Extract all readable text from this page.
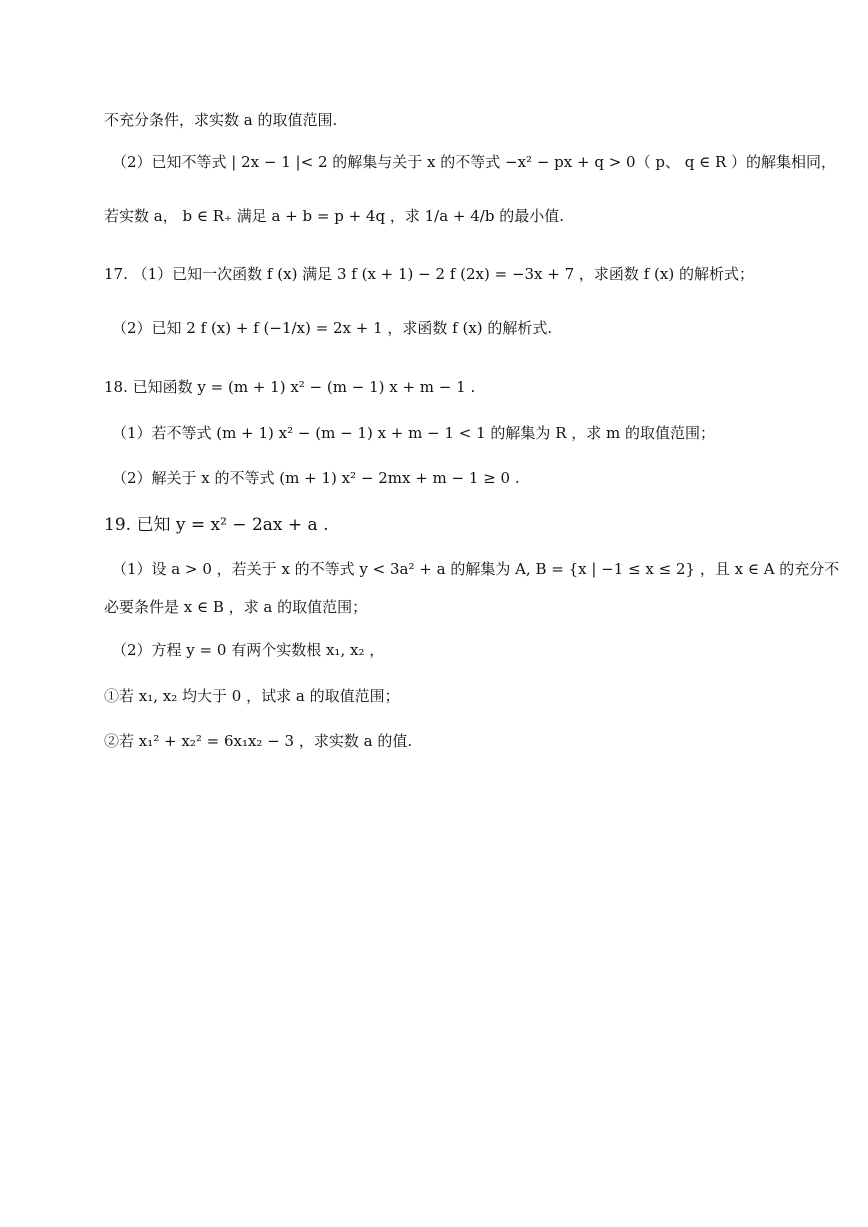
不充分条件，求实数 a 的取值范围.
（2）已知不等式 | 2x − 1 |< 2 的解集与关于 x 的不等式 −x² − px + q > 0（ p、 q ∈ R ）的解集相同，
若实数 a， b ∈ R₊ 满足 a + b = p + 4q ，求 1/a + 4/b 的最小值.
17. （1）已知一次函数 f (x) 满足 3 f (x + 1) − 2 f (2x) = −3x + 7 ，求函数 f (x) 的解析式；
（2）已知 2 f (x) + f (−1/x) = 2x + 1 ，求函数 f (x) 的解析式.
18. 已知函数 y = (m + 1) x² − (m − 1) x + m − 1 .
（1）若不等式 (m + 1) x² − (m − 1) x + m − 1 < 1 的解集为 R ，求 m 的取值范围；
（2）解关于 x 的不等式 (m + 1) x² − 2mx + m − 1 ≥ 0 .
19. 已知 y = x² − 2ax + a .
（1）设 a > 0 ，若关于 x 的不等式 y < 3a² + a 的解集为 A, B = {x | −1 ≤ x ≤ 2} ，且 x ∈ A 的充分不
必要条件是 x ∈ B ，求 a 的取值范围；
（2）方程 y = 0 有两个实数根 x₁, x₂ ，
①若 x₁, x₂ 均大于 0 ，试求 a 的取值范围；
②若 x₁² + x₂² = 6x₁x₂ − 3 ，求实数 a 的值.
